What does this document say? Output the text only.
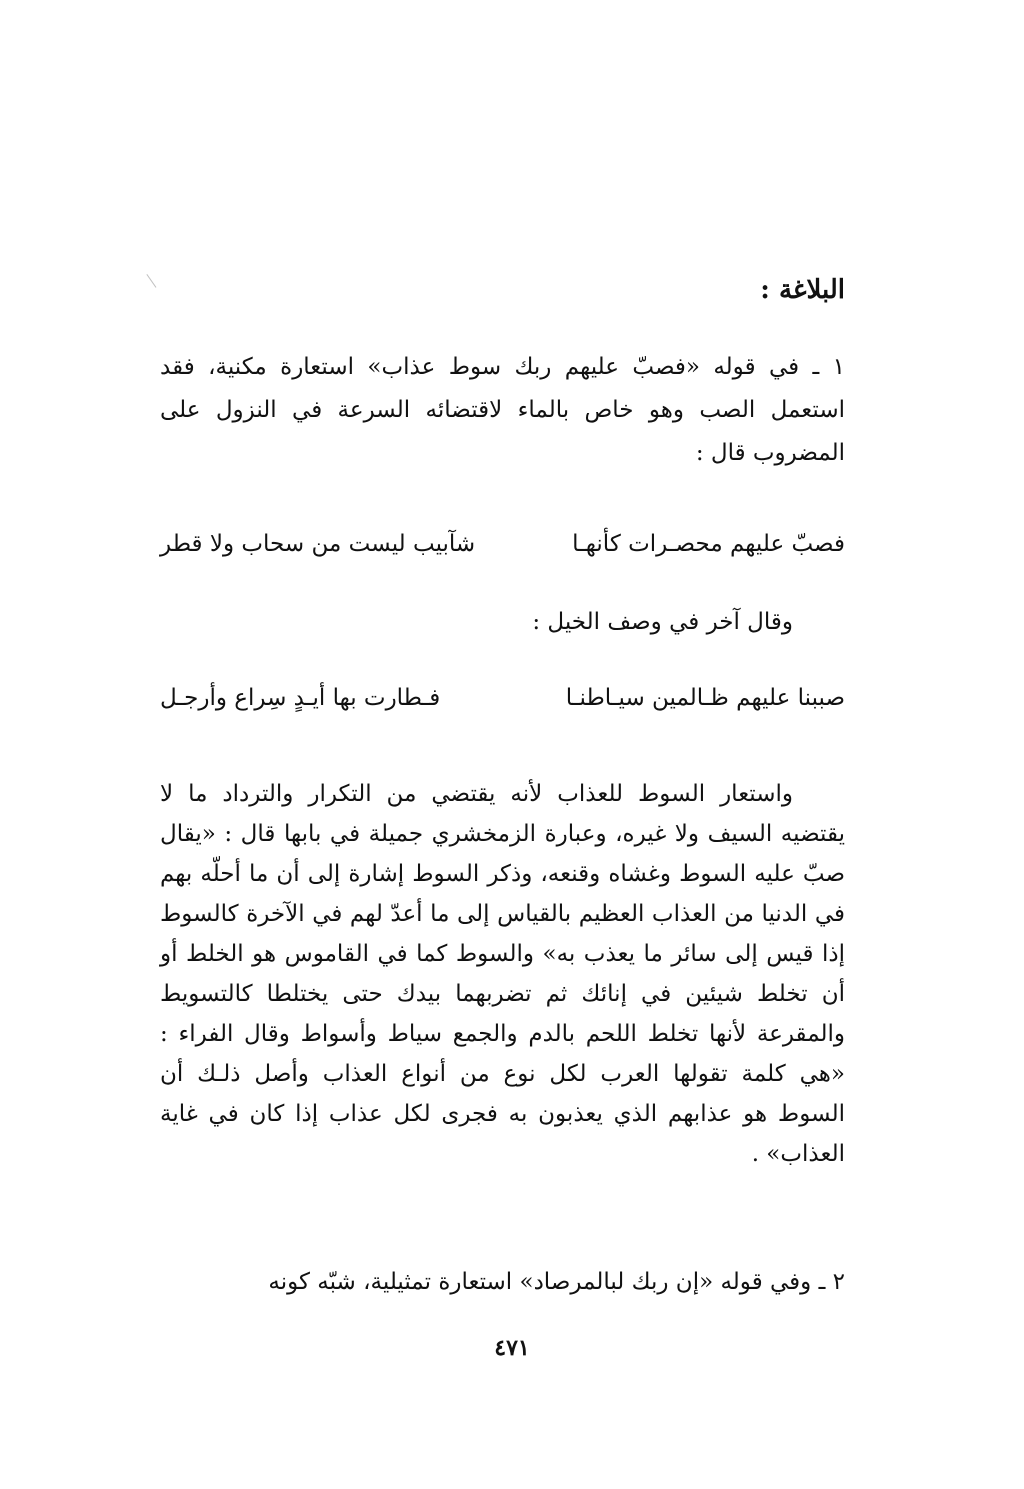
البلاغة :
١ ـ في قوله «فصبّ عليهم ربك سوط عذاب» استعارة مكنية، فقد استعمل الصب وهو خاص بالماء لاقتضائه السرعة في النزول على المضروب قال :
فصبّ عليهم محصـرات كأنهـا
شآبيب ليست من سحاب ولا قطر
وقال آخر في وصف الخيل :
صببنا عليهم ظـالمين سيـاطنـا
فـطارت بها أيـدٍ سِراع وأرجـل
واستعار السوط للعذاب لأنه يقتضي من التكرار والترداد ما لا يقتضيه السيف ولا غيره، وعبارة الزمخشري جميلة في بابها قال : «يقال صبّ عليه السوط وغشاه وقنعه، وذكر السوط إشارة إلى أن ما أحلّه بهم في الدنيا من العذاب العظيم بالقياس إلى ما أعدّ لهم في الآخرة كالسوط إذا قيس إلى سائر ما يعذب به» والسوط كما في القاموس هو الخلط أو أن تخلط شيئين في إنائك ثم تضربهما بيدك حتى يختلطا كالتسويط والمقرعة لأنها تخلط اللحم بالدم والجمع سياط وأسواط وقال الفراء : «هي كلمة تقولها العرب لكل نوع من أنواع العذاب وأصل ذلـك أن السوط هو عذابهم الذي يعذبون به فجرى لكل عذاب إذا كان في غاية العذاب» .
٢ ـ وفي قوله «إن ربك لبالمرصاد» استعارة تمثيلية، شبّه كونه
٤٧١
